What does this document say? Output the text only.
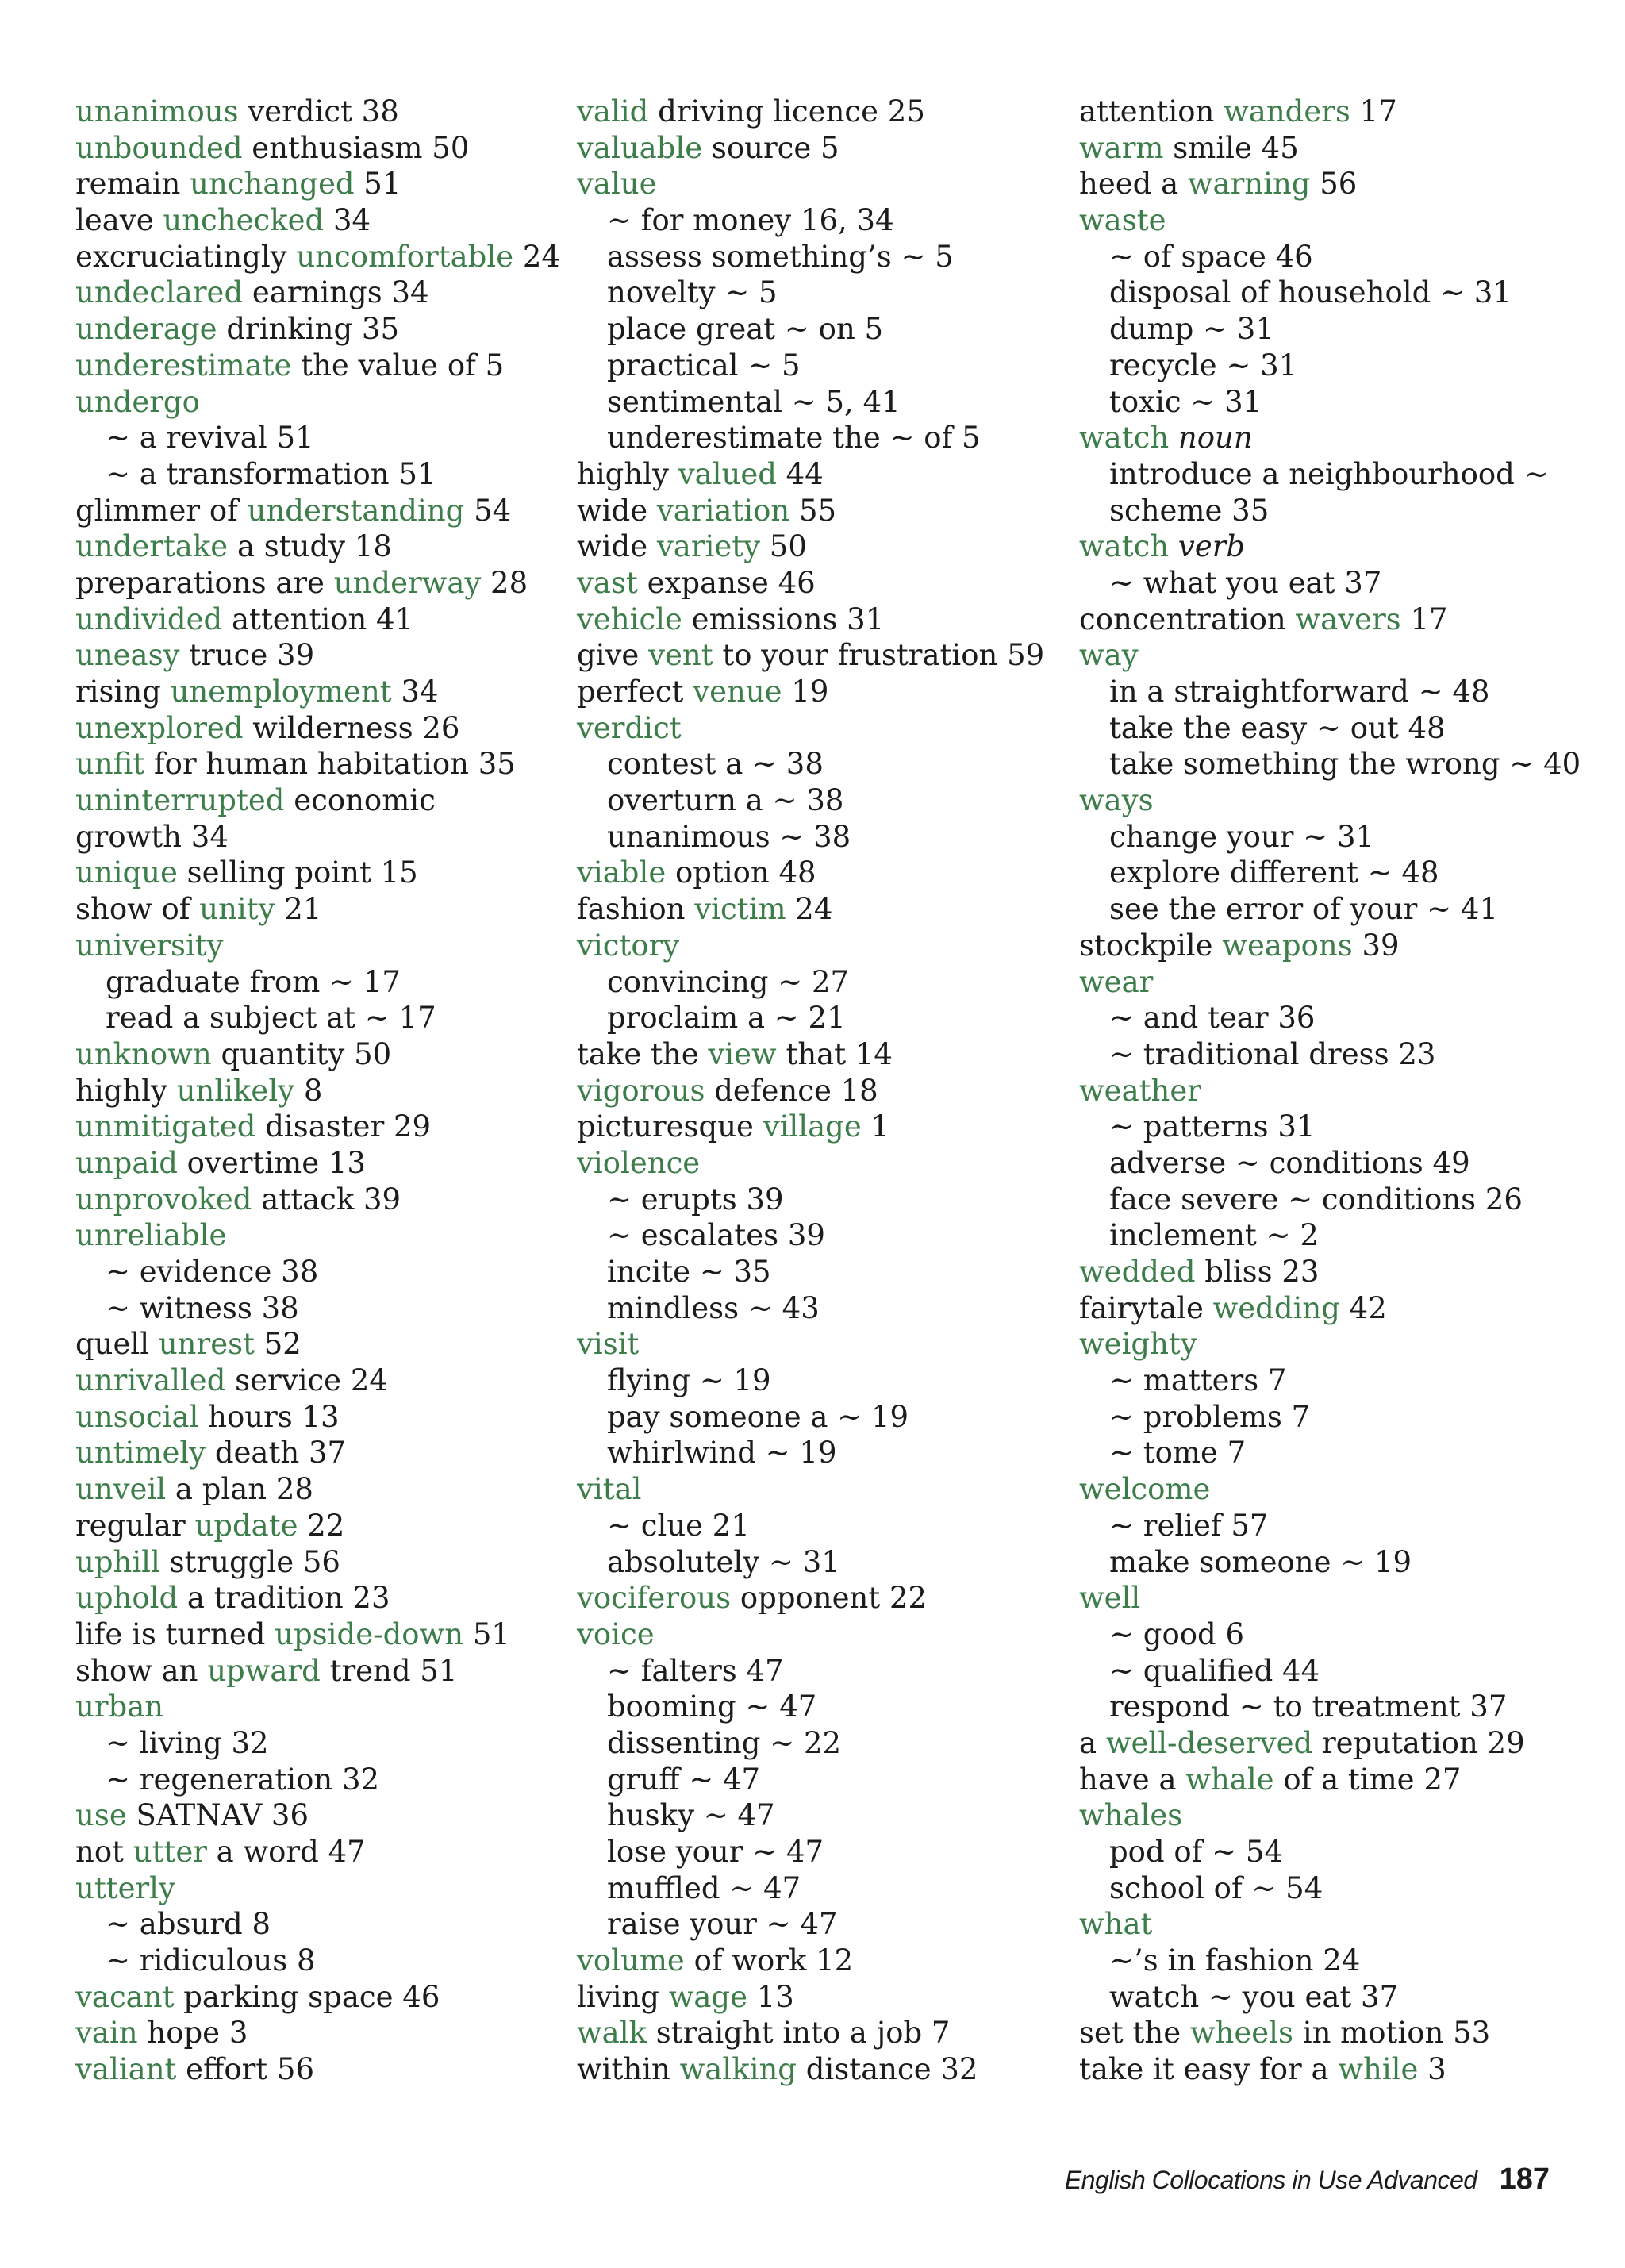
unanimous verdict 38
unbounded enthusiasm 50
remain unchanged 51
leave unchecked 34
excruciatingly uncomfortable 24
undeclared earnings 34
underage drinking 35
underestimate the value of 5
undergo
~ a revival 51
~ a transformation 51
glimmer of understanding 54
undertake a study 18
preparations are underway 28
undivided attention 41
uneasy truce 39
rising unemployment 34
unexplored wilderness 26
unfit for human habitation 35
uninterrupted economic
growth 34
unique selling point 15
show of unity 21
university
graduate from ~ 17
read a subject at ~ 17
unknown quantity 50
highly unlikely 8
unmitigated disaster 29
unpaid overtime 13
unprovoked attack 39
unreliable
~ evidence 38
~ witness 38
quell unrest 52
unrivalled service 24
unsocial hours 13
untimely death 37
unveil a plan 28
regular update 22
uphill struggle 56
uphold a tradition 23
life is turned upside-down 51
show an upward trend 51
urban
~ living 32
~ regeneration 32
use SATNAV 36
not utter a word 47
utterly
~ absurd 8
~ ridiculous 8
vacant parking space 46
vain hope 3
valiant effort 56
valid driving licence 25
valuable source 5
value
~ for money 16, 34
assess something’s ~ 5
novelty ~ 5
place great ~ on 5
practical ~ 5
sentimental ~ 5, 41
underestimate the ~ of 5
highly valued 44
wide variation 55
wide variety 50
vast expanse 46
vehicle emissions 31
give vent to your frustration 59
perfect venue 19
verdict
contest a ~ 38
overturn a ~ 38
unanimous ~ 38
viable option 48
fashion victim 24
victory
convincing ~ 27
proclaim a ~ 21
take the view that 14
vigorous defence 18
picturesque village 1
violence
~ erupts 39
~ escalates 39
incite ~ 35
mindless ~ 43
visit
flying ~ 19
pay someone a ~ 19
whirlwind ~ 19
vital
~ clue 21
absolutely ~ 31
vociferous opponent 22
voice
~ falters 47
booming ~ 47
dissenting ~ 22
gruff ~ 47
husky ~ 47
lose your ~ 47
muffled ~ 47
raise your ~ 47
volume of work 12
living wage 13
walk straight into a job 7
within walking distance 32
attention wanders 17
warm smile 45
heed a warning 56
waste
~ of space 46
disposal of household ~ 31
dump ~ 31
recycle ~ 31
toxic ~ 31
watch noun
introduce a neighbourhood ~
scheme 35
watch verb
~ what you eat 37
concentration wavers 17
way
in a straightforward ~ 48
take the easy ~ out 48
take something the wrong ~ 40
ways
change your ~ 31
explore different ~ 48
see the error of your ~ 41
stockpile weapons 39
wear
~ and tear 36
~ traditional dress 23
weather
~ patterns 31
adverse ~ conditions 49
face severe ~ conditions 26
inclement ~ 2
wedded bliss 23
fairytale wedding 42
weighty
~ matters 7
~ problems 7
~ tome 7
welcome
~ relief 57
make someone ~ 19
well
~ good 6
~ qualified 44
respond ~ to treatment 37
a well-deserved reputation 29
have a whale of a time 27
whales
pod of ~ 54
school of ~ 54
what
~’s in fashion 24
watch ~ you eat 37
set the wheels in motion 53
take it easy for a while 3
English Collocations in Use Advanced 187
